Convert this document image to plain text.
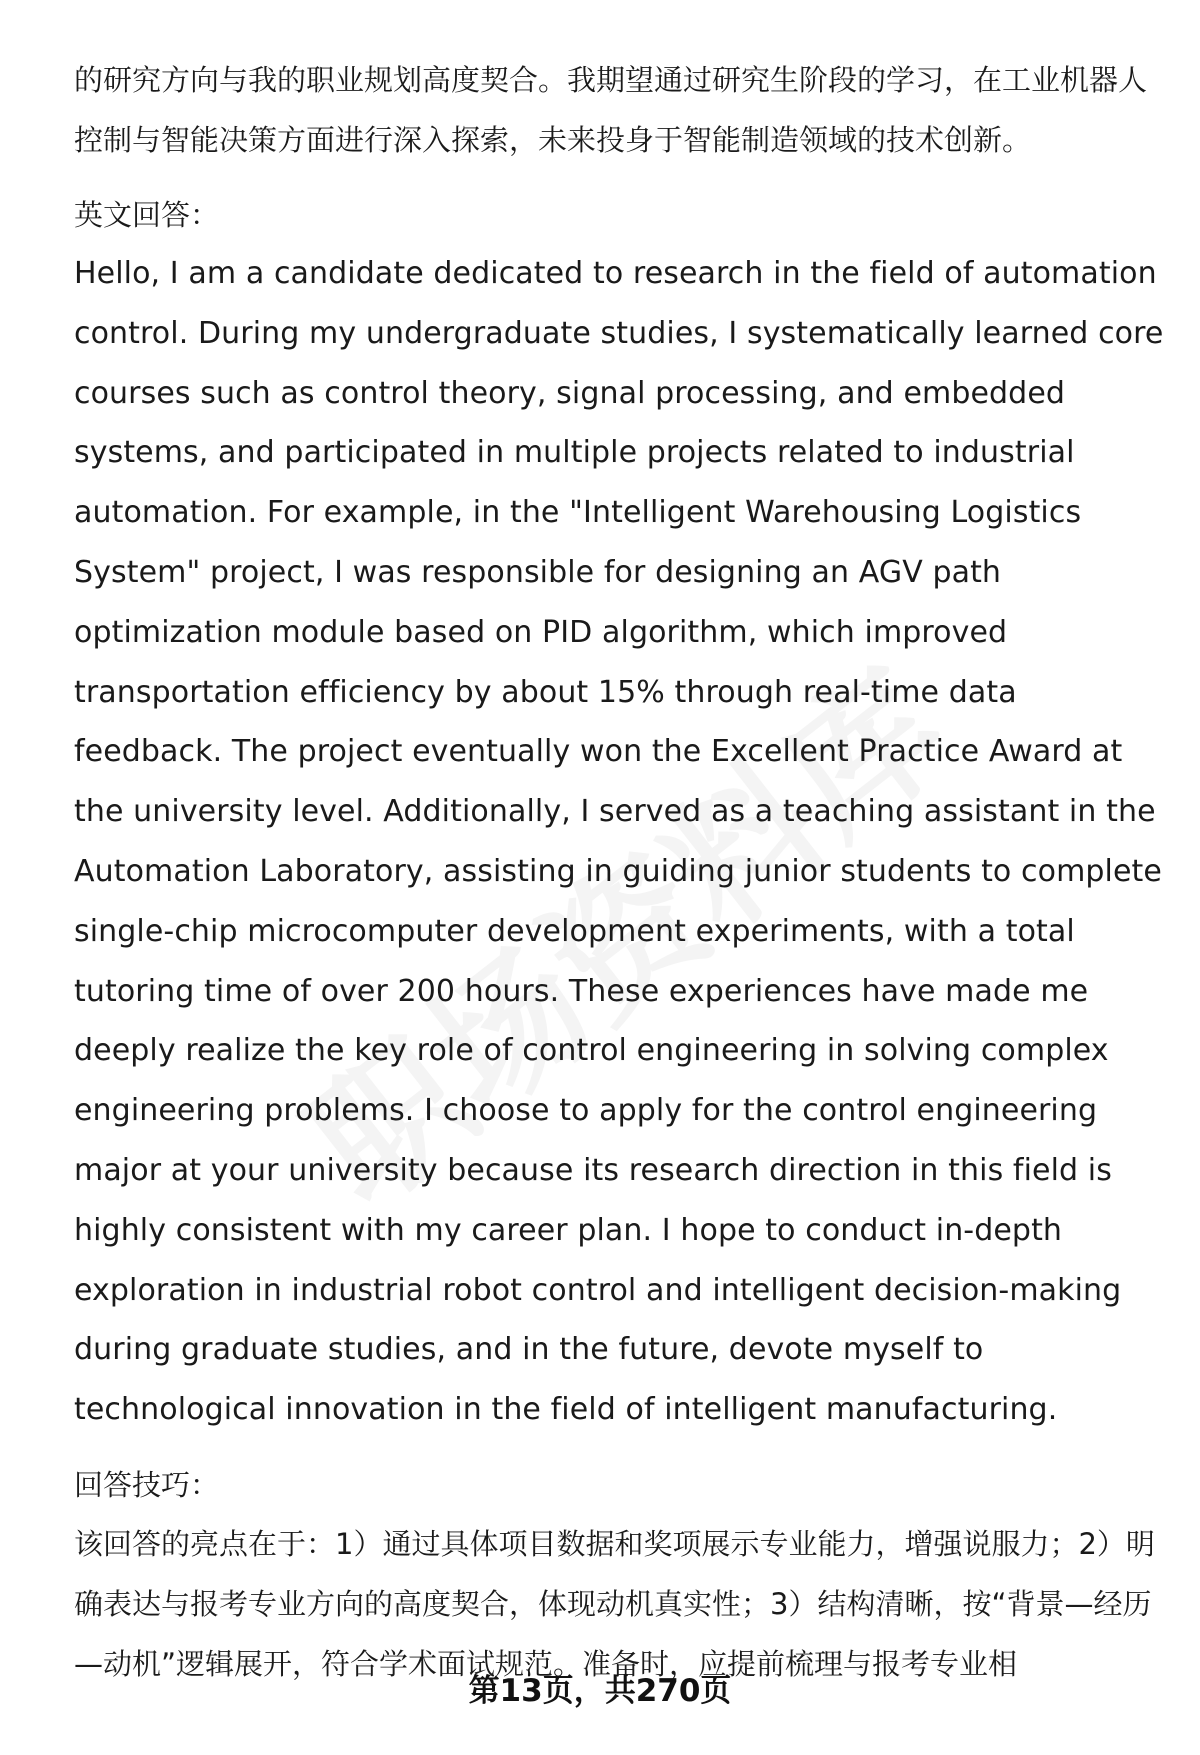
的研究方向与我的职业规划高度契合。我期望通过研究生阶段的学习，在工业机器人控制与智能决策方面进行深入探索，未来投身于智能制造领域的技术创新。

英文回答：

Hello, I am a candidate dedicated to research in the field of automation control. During my undergraduate studies, I systematically learned core courses such as control theory, signal processing, and embedded systems, and participated in multiple projects related to industrial automation. For example, in the "Intelligent Warehousing Logistics System" project, I was responsible for designing an AGV path optimization module based on PID algorithm, which improved transportation efficiency by about 15% through real-time data feedback. The project eventually won the Excellent Practice Award at the university level. Additionally, I served as a teaching assistant in the Automation Laboratory, assisting in guiding junior students to complete single-chip microcomputer development experiments, with a total tutoring time of over 200 hours. These experiences have made me deeply realize the key role of control engineering in solving complex engineering problems. I choose to apply for the control engineering major at your university because its research direction in this field is highly consistent with my career plan. I hope to conduct in-depth exploration in industrial robot control and intelligent decision-making during graduate studies, and in the future, devote myself to technological innovation in the field of intelligent manufacturing.

回答技巧：

该回答的亮点在于：1）通过具体项目数据和奖项展示专业能力，增强说服力；2）明确表达与报考专业方向的高度契合，体现动机真实性；3）结构清晰，按“背景—经历—动机”逻辑展开，符合学术面试规范。准备时，应提前梳理与报考专业相

第13页，共270页
